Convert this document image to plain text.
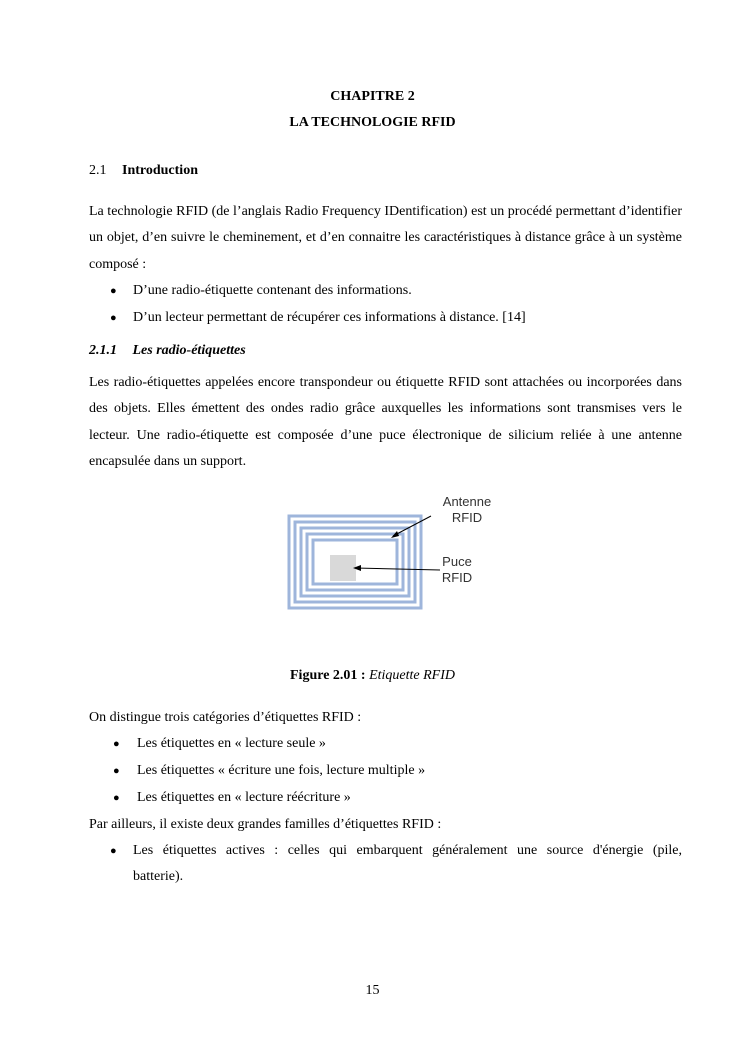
CHAPITRE 2
LA TECHNOLOGIE RFID
2.1 Introduction

La technologie RFID (de l’anglais Radio Frequency IDentification) est un procédé permettant d’identifier un objet, d’en suivre le cheminement, et d’en connaitre les caractéristiques à distance grâce à un système composé :

●	D’une radio-étiquette contenant des informations.
●	D’un lecteur permettant de récupérer ces informations à distance. [14]
2.1.1 Les radio-étiquettes

Les radio-étiquettes appelées encore transpondeur ou étiquette RFID sont attachées ou incorporées dans des objets. Elles émettent des ondes radio grâce auxquelles les informations sont transmises vers le lecteur. Une radio-étiquette est composée d’une puce électronique de silicium reliée à une antenne encapsulée dans un support.

Antenne
RFID
Puce
RFID
Figure 2.01 : Etiquette RFID
On distingue trois catégories d’étiquettes RFID :
● Les étiquettes en « lecture seule »
● Les étiquettes « écriture une fois, lecture multiple »
● Les étiquettes en « lecture réécriture »
Par ailleurs, il existe deux grandes familles d’étiquettes RFID :
● Les étiquettes actives : celles qui embarquent généralement une source d'énergie (pile,
batterie).
15
